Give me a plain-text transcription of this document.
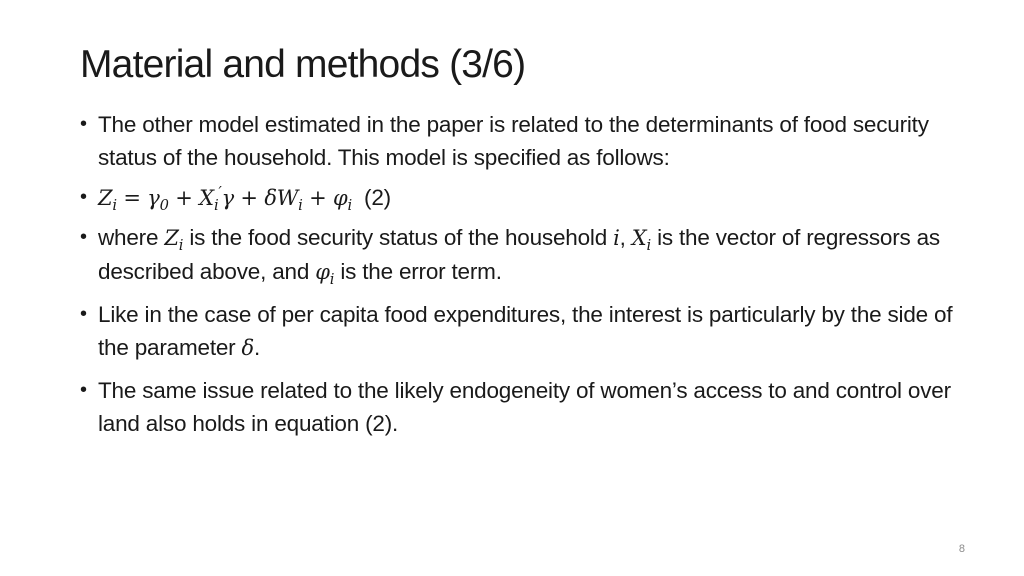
Material and methods (3/6)
• The other model estimated in the paper is related to the determinants of food security status of the household. This model is specified as follows:
• $Z_i = \gamma_0 + X_i'\gamma + \delta W_i + \varphi_i$ (2)
• where $Z_i$ is the food security status of the household i, $X_i$ is the vector of regressors as described above, and $\varphi_i$ is the error term.
• Like in the case of per capita food expenditures, the interest is particularly by the side of the parameter δ.
• The same issue related to the likely endogeneity of women’s access to and control over land also holds in equation (2).
8
